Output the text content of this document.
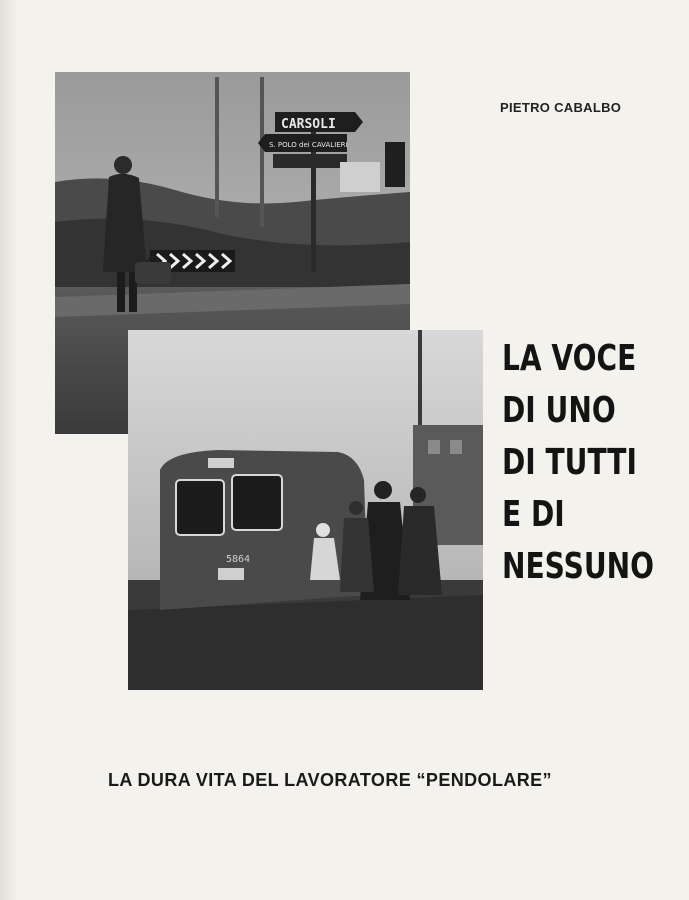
PIETRO CABALBO
CARSOLI
S. POLO dei CAVALIERI
5864
LA VOCE
DI UNO
DI TUTTI
E DI
NESSUNO
LA DURA VITA DEL LAVORATORE “PENDOLARE”
